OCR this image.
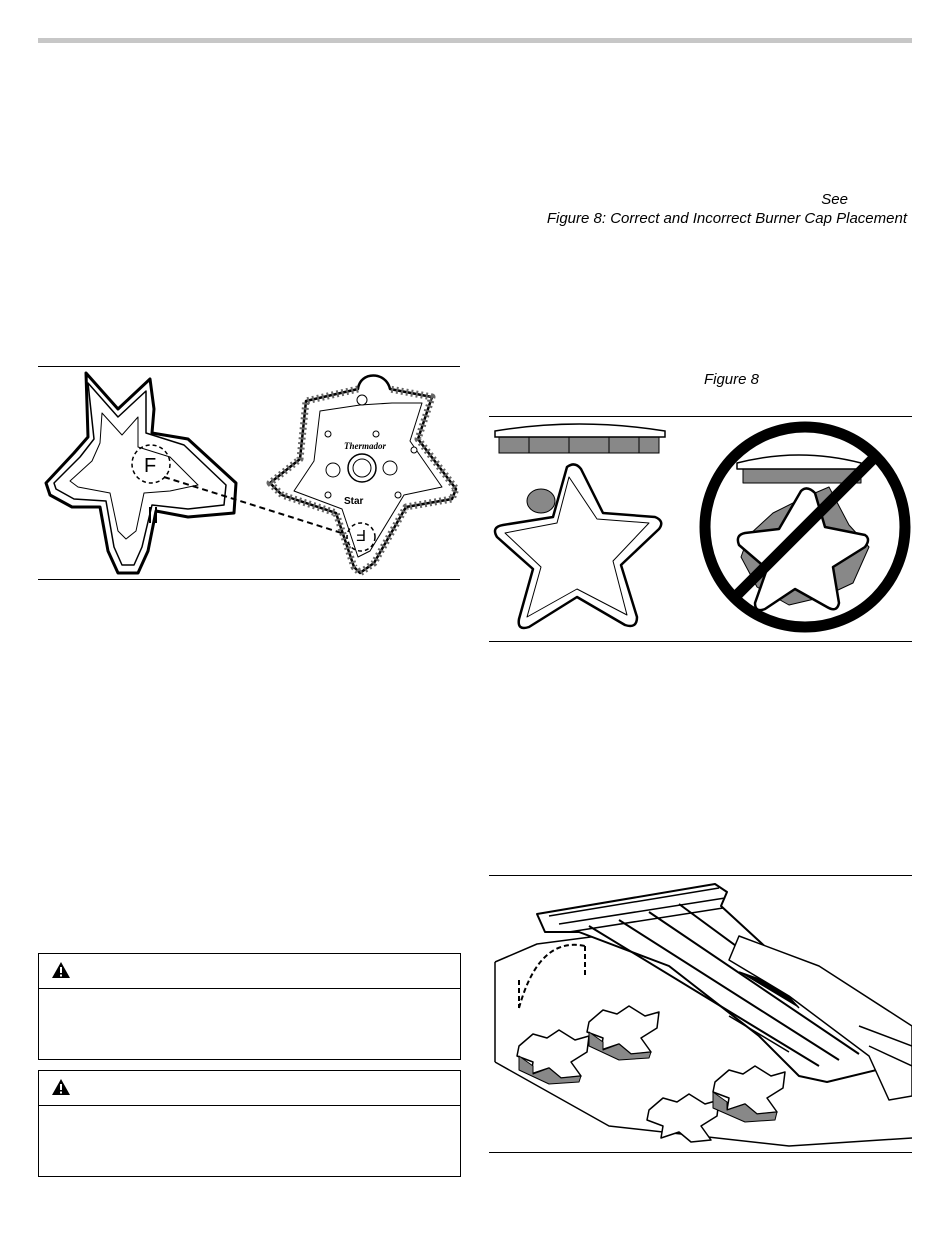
See
Figure 8: Correct and Incorrect Burner Cap Placement
Figure 8
F
Thermador
Star
F
